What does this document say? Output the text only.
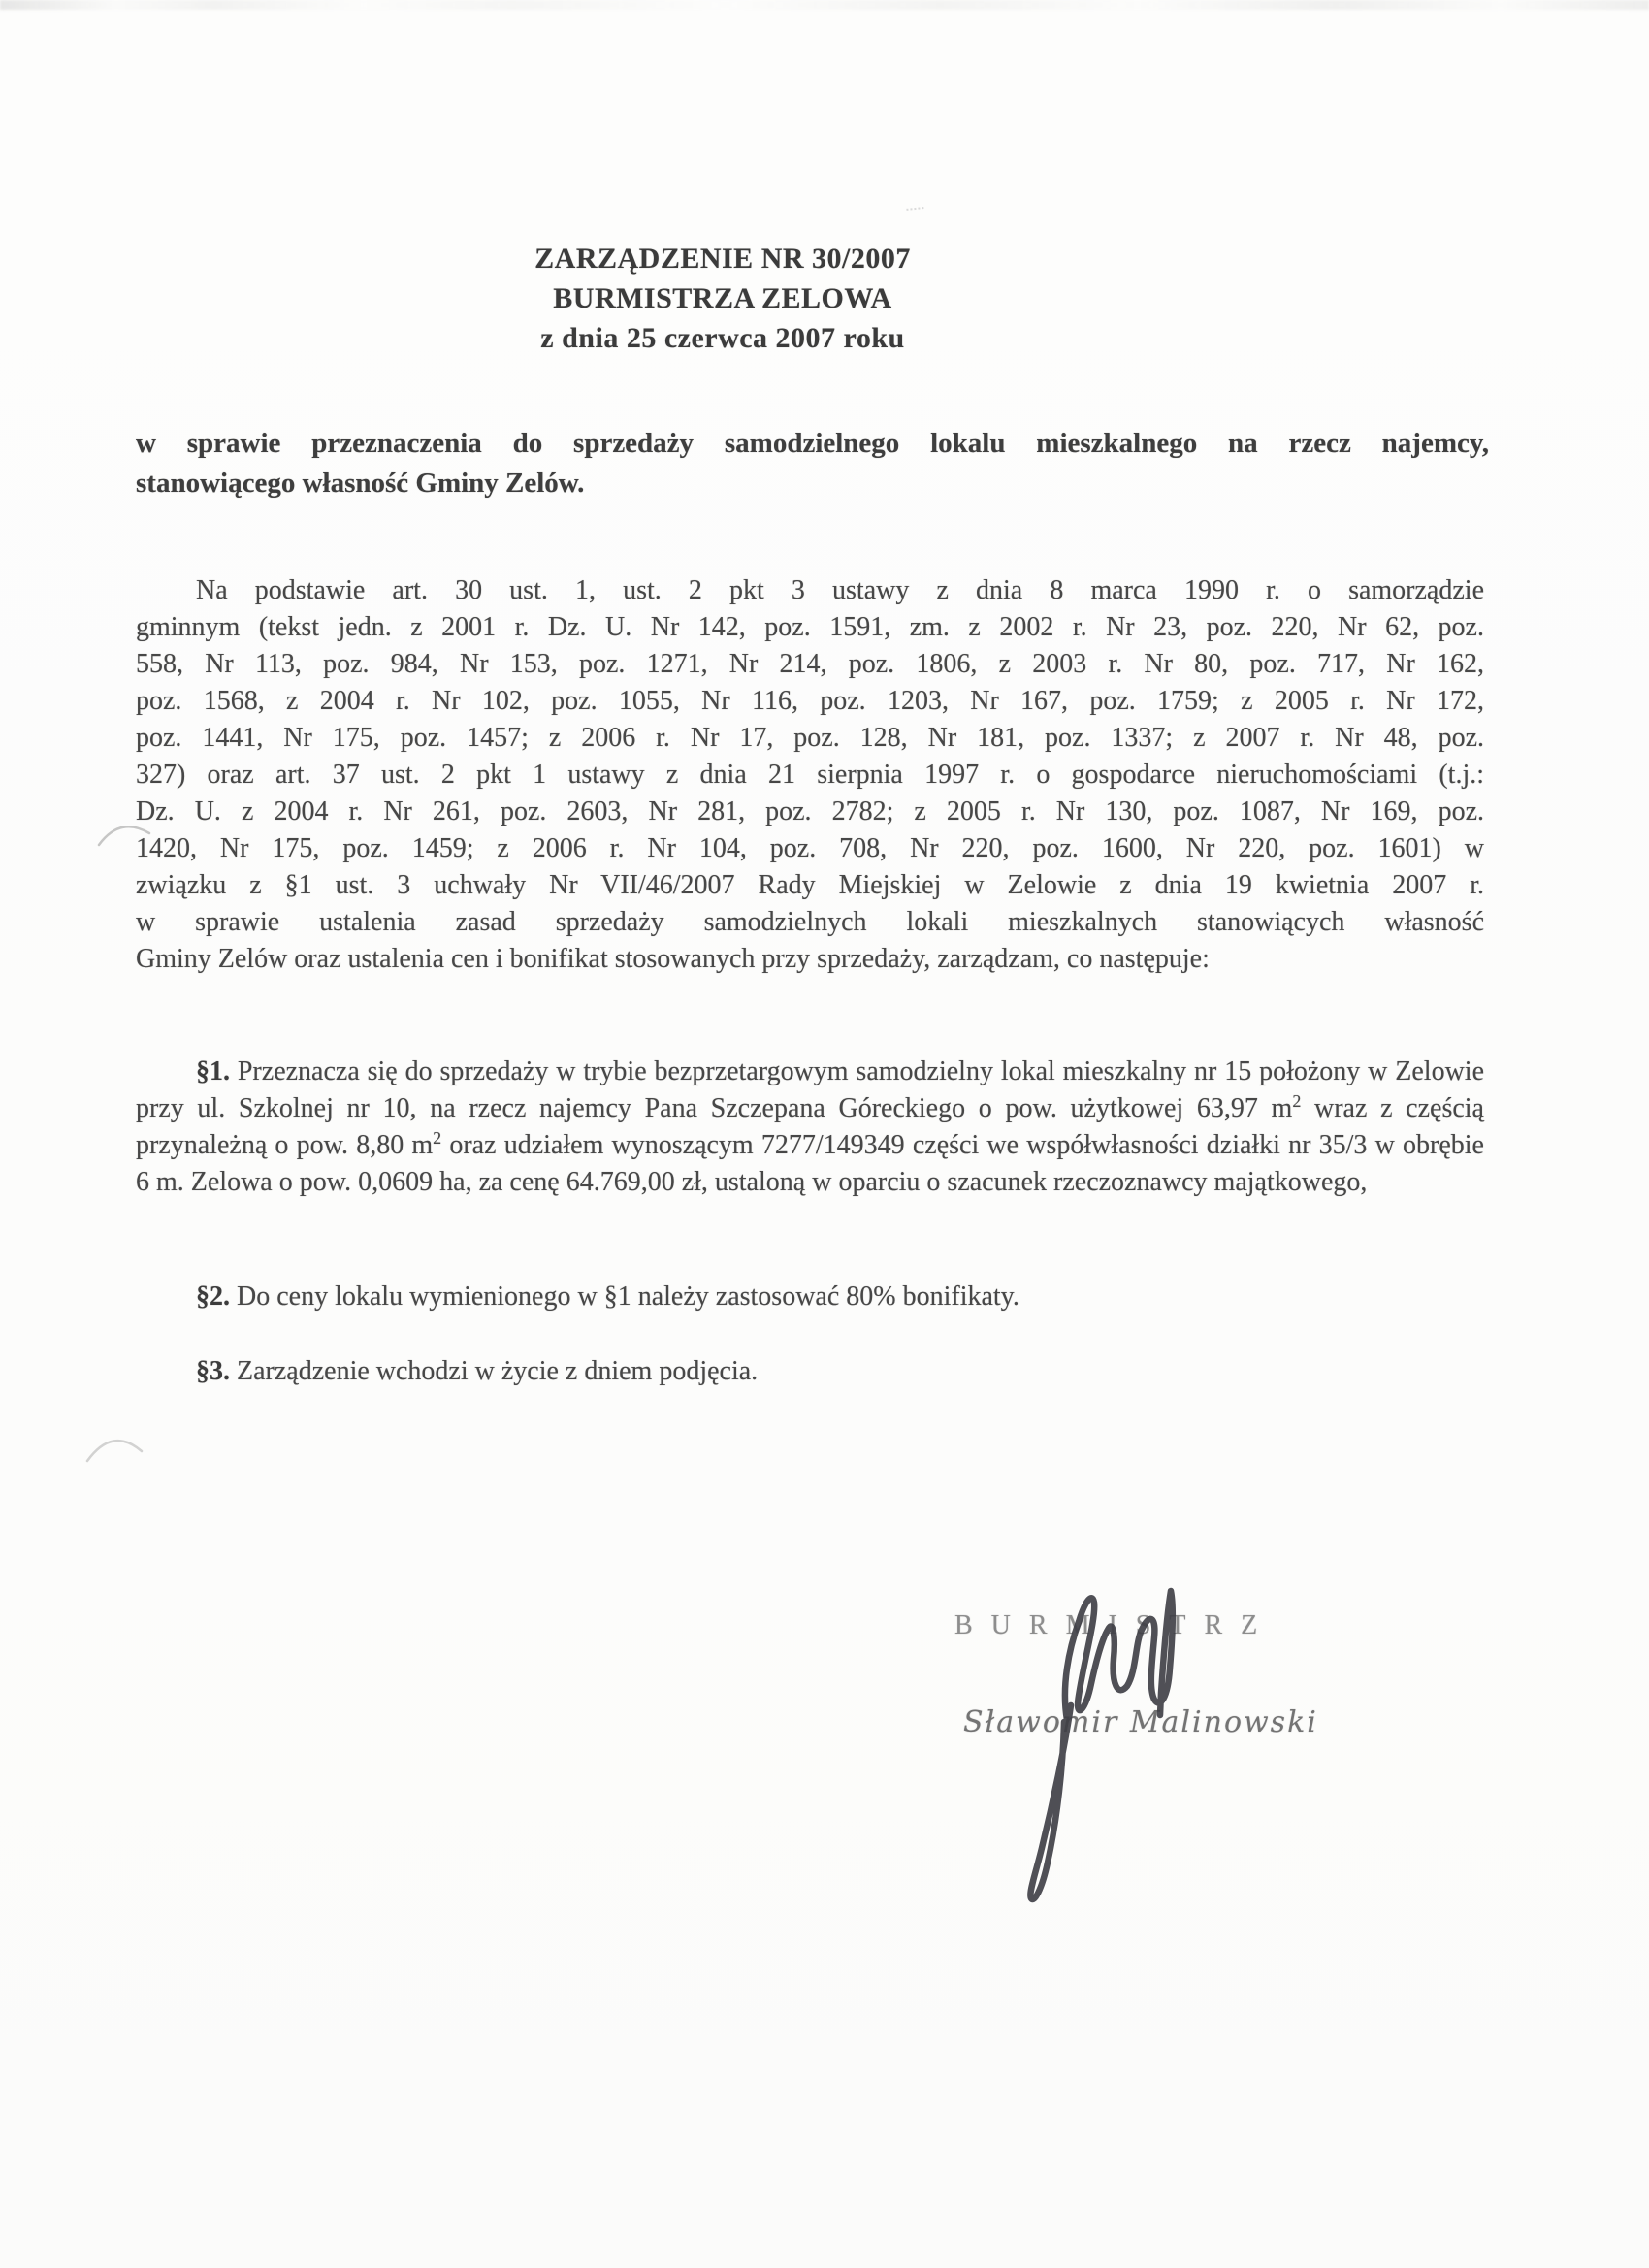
ZARZĄDZENIE NR 30/2007
BURMISTRZA ZELOWA
z dnia 25 czerwca 2007 roku
w sprawie przeznaczenia do sprzedaży samodzielnego lokalu mieszkalnego na rzecz najemcy,
stanowiącego własność Gminy Zelów.
Na podstawie art. 30 ust. 1, ust. 2 pkt 3 ustawy z dnia 8 marca 1990 r. o samorządzie
gminnym (tekst jedn. z 2001 r. Dz. U. Nr 142, poz. 1591, zm. z 2002 r. Nr 23, poz. 220, Nr 62, poz.
558, Nr 113, poz. 984, Nr 153, poz. 1271, Nr 214, poz. 1806, z 2003 r. Nr 80, poz. 717, Nr 162,
poz. 1568, z 2004 r. Nr 102, poz. 1055, Nr 116, poz. 1203, Nr 167, poz. 1759; z 2005 r. Nr 172,
poz. 1441, Nr 175, poz. 1457; z 2006 r. Nr 17, poz. 128, Nr 181, poz. 1337; z 2007 r. Nr 48, poz.
327) oraz art. 37 ust. 2 pkt 1 ustawy z dnia 21 sierpnia 1997 r. o gospodarce nieruchomościami (t.j.:
Dz. U. z 2004 r. Nr 261, poz. 2603, Nr 281, poz. 2782; z 2005 r. Nr 130, poz. 1087, Nr 169, poz.
1420, Nr 175, poz. 1459; z 2006 r. Nr 104, poz. 708, Nr 220, poz. 1600, Nr 220, poz. 1601) w
związku z §1 ust. 3 uchwały Nr VII/46/2007 Rady Miejskiej w Zelowie z dnia 19 kwietnia 2007 r.
w sprawie ustalenia zasad sprzedaży samodzielnych lokali mieszkalnych stanowiących własność
Gminy Zelów oraz ustalenia cen i bonifikat stosowanych przy sprzedaży, zarządzam, co następuje:

§1. Przeznacza się do sprzedaży w trybie bezprzetargowym samodzielny lokal mieszkalny nr 15 położony w Zelowie przy ul. Szkolnej nr 10, na rzecz najemcy Pana Szczepana Góreckiego o pow. użytkowej 63,97 $m^2$ wraz z częścią przynależną o pow. 8,80 $m^2$ oraz udziałem wynoszącym 7277/149349 części we współwłasności działki nr 35/3 w obrębie 6 m. Zelowa o pow. 0,0609 ha, za cenę 64.769,00 zł, ustaloną w oparciu o szacunek rzeczoznawcy majątkowego,

§2. Do ceny lokalu wymienionego w §1 należy zastosować 80% bonifikaty.

§3. Zarządzenie wchodzi w życie z dniem podjęcia.

BURMISTRZ
Sławomir Malinowski
